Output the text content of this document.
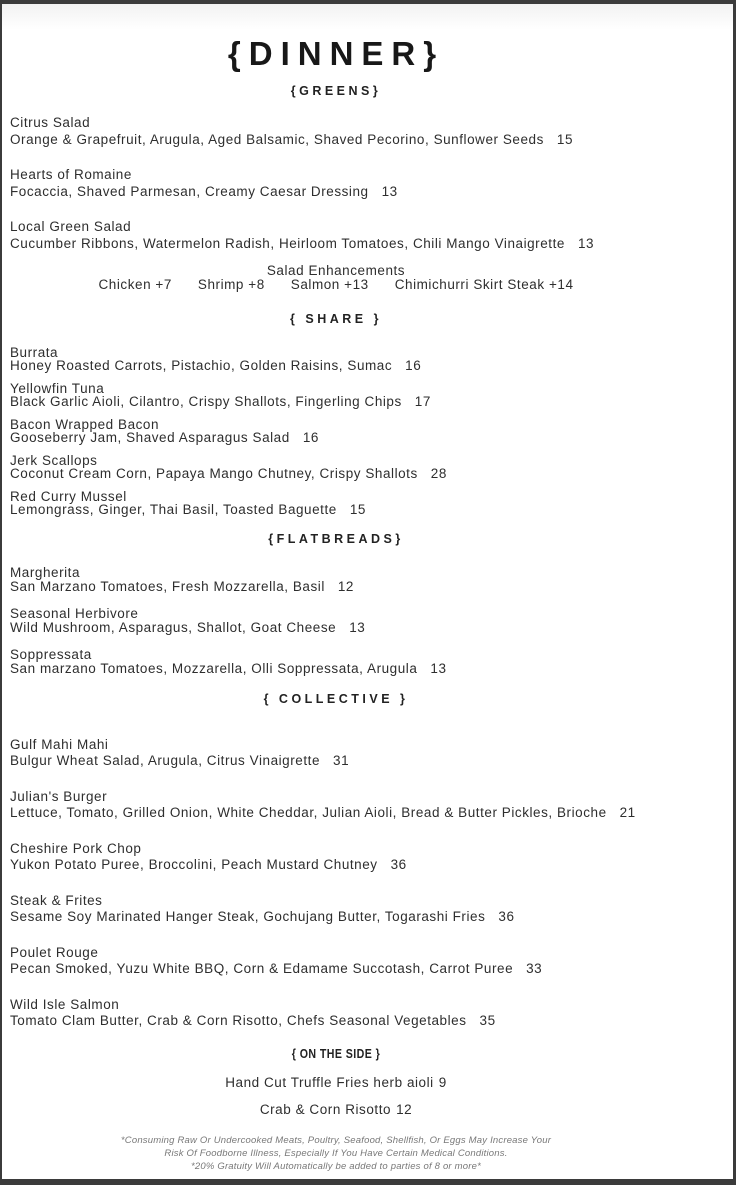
{DINNER}
{GREENS}
Citrus Salad
Orange & Grapefruit, Arugula, Aged Balsamic, Shaved Pecorino, Sunflower Seeds 15
Hearts of Romaine
Focaccia, Shaved Parmesan, Creamy Caesar Dressing 13
Local Green Salad
Cucumber Ribbons, Watermelon Radish, Heirloom Tomatoes, Chili Mango Vinaigrette 13
Salad Enhancements
Chicken +7 Shrimp +8 Salmon +13 Chimichurri Skirt Steak +14
{ SHARE }
Burrata
Honey Roasted Carrots, Pistachio, Golden Raisins, Sumac 16
Yellowfin Tuna
Black Garlic Aioli, Cilantro, Crispy Shallots, Fingerling Chips 17
Bacon Wrapped Bacon
Gooseberry Jam, Shaved Asparagus Salad 16
Jerk Scallops
Coconut Cream Corn, Papaya Mango Chutney, Crispy Shallots 28
Red Curry Mussel
Lemongrass, Ginger, Thai Basil, Toasted Baguette 15
{FLATBREADS}
Margherita
San Marzano Tomatoes, Fresh Mozzarella, Basil 12
Seasonal Herbivore
Wild Mushroom, Asparagus, Shallot, Goat Cheese 13
Soppressata
San marzano Tomatoes, Mozzarella, Olli Soppressata, Arugula 13
{ COLLECTIVE }
Gulf Mahi Mahi
Bulgur Wheat Salad, Arugula, Citrus Vinaigrette 31
Julian's Burger
Lettuce, Tomato, Grilled Onion, White Cheddar, Julian Aioli, Bread & Butter Pickles, Brioche 21
Cheshire Pork Chop
Yukon Potato Puree, Broccolini, Peach Mustard Chutney 36
Steak & Frites
Sesame Soy Marinated Hanger Steak, Gochujang Butter, Togarashi Fries 36
Poulet Rouge
Pecan Smoked, Yuzu White BBQ, Corn & Edamame Succotash, Carrot Puree 33
Wild Isle Salmon
Tomato Clam Butter, Crab & Corn Risotto, Chefs Seasonal Vegetables 35
{ ON THE SIDE }
Hand Cut Truffle Fries herb aioli 9
Crab & Corn Risotto 12
*Consuming Raw Or Undercooked Meats, Poultry, Seafood, Shellfish, Or Eggs May Increase Your
Risk Of Foodborne Illness, Especially If You Have Certain Medical Conditions.
*20% Gratuity Will Automatically be added to parties of 8 or more*
